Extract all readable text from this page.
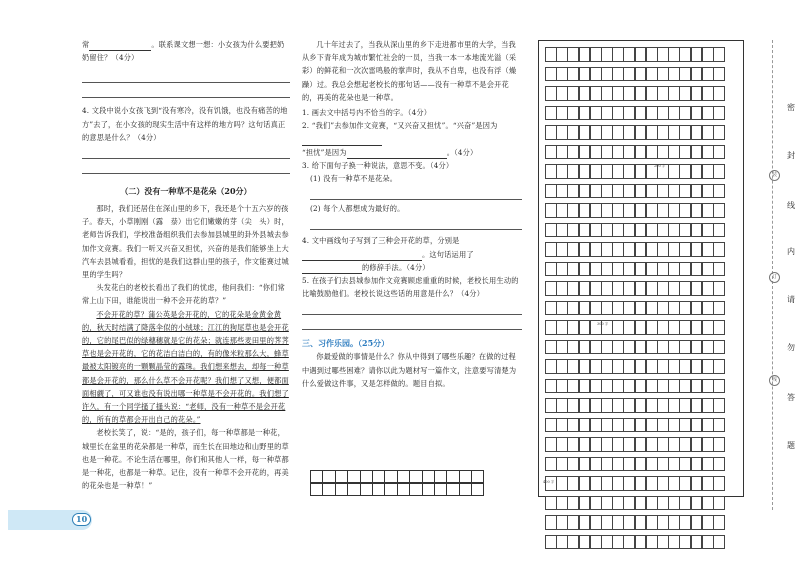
常	。联系课文想一想：小女孩为什么要把奶奶留住？（4分）

4. 文段中说小女孩飞到“没有寒冷，没有饥饿，也没有痛苦的地方”去了，在小女孩的现实生活中有这样的地方吗？这句话真正的意思是什么？（4分）

（二）没有一种草不是花朵（20分）

那时，我们还居住在深山里的乡下，我还是个十五六岁的孩子。春天，小草刚刚（露　㳟）出它们嫩嫩的芽（尖　头）时，老师告诉我们，学校准备组织我们去参加县城里的卦外县城去参加作文竞赛。我们一听又兴奋又担忧，兴奋的是我们能够坐上大汽车去县城看看，担忧的是我们这群山里的孩子，作文能赛过城里的学生吗？

头发花白的老校长看出了我们的忧虑，他问我们：“你们常常上山下田，谁能说出一种不会开花的草？”

不会开花的草？蒲公英是会开花的，它的花朵是金黄金黄的，秋天时结满了降落伞似的小绒球；江江的狗尾草也是会开花的，它的尾巴似的绿穗穗就是它的花朵；就连那些麦田里的荠荠草也是会开花的，它的花洁白洁白的，有的像米粒那么大，蜂草最被太阳镀亮的一颗颗晶莹的露珠。我们想来想去，却每一种草都是会开花的，那么什么草不会开花呢？我们想了又想，便都面面相觑了，可又谁也没有说出哪一种草是不会开花的。我们想了许久，有一个同学搔了搔头说：“老师，没有一种草不是会开花的，所有的草都会开出自己的花朵。”

老校长笑了，说：“是的，孩子们，每一种草都是一种花，城里长在盆里的花朵都是一种草，而生长在田地边和山野里的草也是一种花。不论生活在哪里，你们和其他人一样，每一种草都是一种花，也都是一种草。记住，没有一种草不会开花的，再美的花朵也是一种草！”

几十年过去了，当我从深山里的乡下走进都市里的大学，当我从乡下青年成为城市繁忙社会的一员，当我一本一本地流光溢（采　彩）的鲜花和一次次雷鸣般的掌声时，我从不自卑，也没有浮（燥　躁）过。我总会想起老校长的那句话——没有一种草不是会开花的，再美的花朵也是一种草。

1. 画去文中括号内不恰当的字。（4分）

2. “我们”去参加作文竞赛，“又兴奋又担忧”。“兴奋”是因为

“担忧”是因为	。（4分）

3. 给下面句子换一种说法，意思不变。（4分）

(1) 没有一种草不是花朵。

(2) 每个人都想成为最好的。

4. 文中画线句子写到了三种会开花的草，分别是

。这句话运用了

的修辞手法。（4分）

5. 在孩子们去县城参加作文竞赛顾虑重重的时候，老校长用生动的比喻鼓励他们。老校长说这些话的用意是什么？（4分）

三、习作乐园。（25分）

你最爱做的事情是什么？你从中得到了哪些乐趣？在做的过程中遇到过哪些困难？请你以此为题材写一篇作文，注意要写清楚为什么爱做这件事，又是怎样做的。题目自拟。

10
200 字
300 字
400 字
密
封
线
内
请
勿
答
题
装
订
线
